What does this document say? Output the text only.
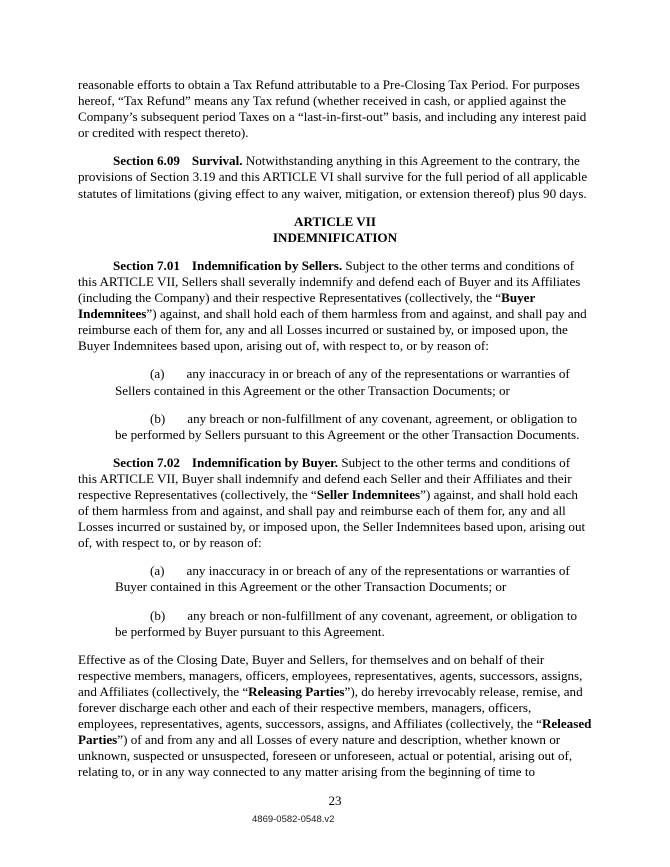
reasonable efforts to obtain a Tax Refund attributable to a Pre-Closing Tax Period. For purposes hereof, “Tax Refund” means any Tax refund (whether received in cash, or applied against the Company’s subsequent period Taxes on a “last-in-first-out” basis, and including any interest paid or credited with respect thereto).

Section 6.09 Survival. Notwithstanding anything in this Agreement to the contrary, the provisions of Section 3.19 and this ARTICLE VI shall survive for the full period of all applicable statutes of limitations (giving effect to any waiver, mitigation, or extension thereof) plus 90 days.

ARTICLE VII
INDEMNIFICATION

Section 7.01 Indemnification by Sellers. Subject to the other terms and conditions of this ARTICLE VII, Sellers shall severally indemnify and defend each of Buyer and its Affiliates (including the Company) and their respective Representatives (collectively, the “Buyer Indemnitees”) against, and shall hold each of them harmless from and against, and shall pay and reimburse each of them for, any and all Losses incurred or sustained by, or imposed upon, the Buyer Indemnitees based upon, arising out of, with respect to, or by reason of:

(a) any inaccuracy in or breach of any of the representations or warranties of Sellers contained in this Agreement or the other Transaction Documents; or

(b) any breach or non-fulfillment of any covenant, agreement, or obligation to be performed by Sellers pursuant to this Agreement or the other Transaction Documents.

Section 7.02 Indemnification by Buyer. Subject to the other terms and conditions of this ARTICLE VII, Buyer shall indemnify and defend each Seller and their Affiliates and their respective Representatives (collectively, the “Seller Indemnitees”) against, and shall hold each of them harmless from and against, and shall pay and reimburse each of them for, any and all Losses incurred or sustained by, or imposed upon, the Seller Indemnitees based upon, arising out of, with respect to, or by reason of:

(a) any inaccuracy in or breach of any of the representations or warranties of Buyer contained in this Agreement or the other Transaction Documents; or

(b) any breach or non-fulfillment of any covenant, agreement, or obligation to be performed by Buyer pursuant to this Agreement.

Effective as of the Closing Date, Buyer and Sellers, for themselves and on behalf of their respective members, managers, officers, employees, representatives, agents, successors, assigns, and Affiliates (collectively, the “Releasing Parties”), do hereby irrevocably release, remise, and forever discharge each other and each of their respective members, managers, officers, employees, representatives, agents, successors, assigns, and Affiliates (collectively, the “Released Parties”) of and from any and all Losses of every nature and description, whether known or unknown, suspected or unsuspected, foreseen or unforeseen, actual or potential, arising out of, relating to, or in any way connected to any matter arising from the beginning of time to

23
4869-0582-0548.v2
